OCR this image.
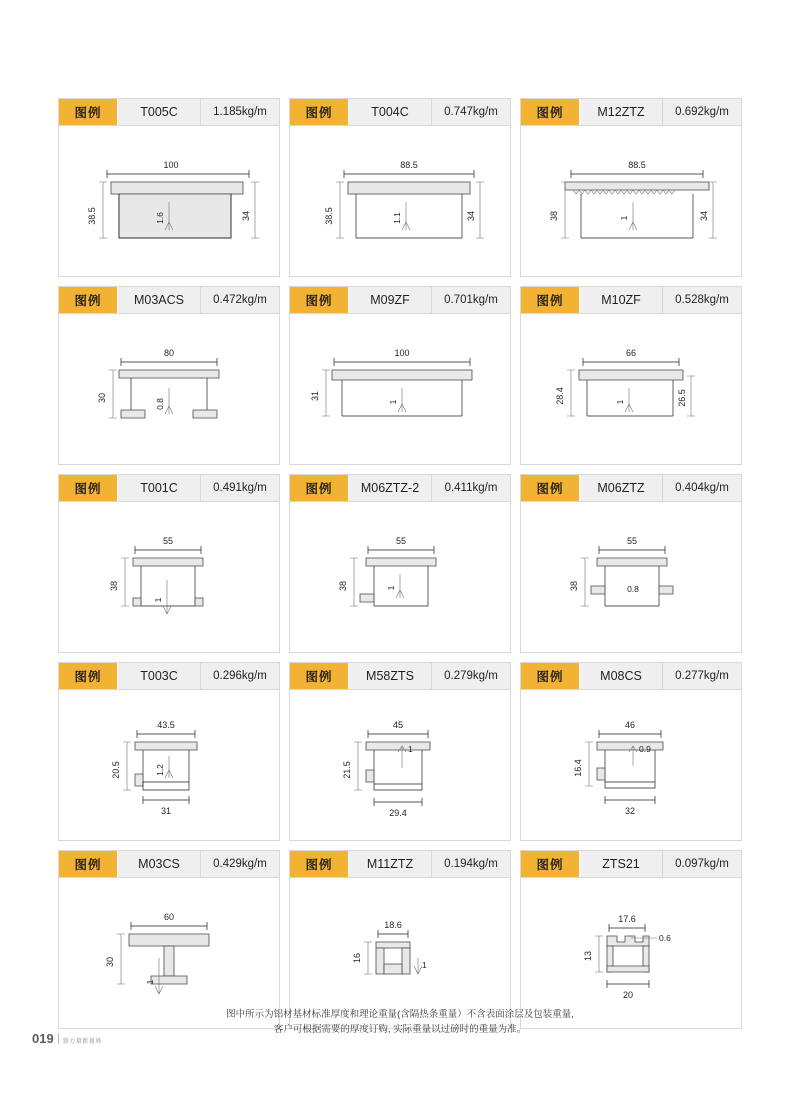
图例	T005C	1.185kg/m
100
38.5	1.6	34
图例	T004C	0.747kg/m
88.5
38.5	1.1	34
图例	M12ZTZ	0.692kg/m
88.5
38	1	34
图例	M03ACS	0.472kg/m
80
30
0.8
图例	M09ZF	0.701kg/m
100
31
1
图例	M10ZF	0.528kg/m
66
28.4	1	26.5
图例	T001C	0.491kg/m
55
38
1
图例	M06ZTZ-2	0.411kg/m
55
38	1
图例	M06ZTZ	0.404kg/m
55
38	0.8
图例	T003C	0.296kg/m
43.5
20.5	1.2
31
图例	M58ZTS	0.279kg/m
45
21.5
1
29.4
图例	M08CS	0.277kg/m
46
16.4
0.9
32
图例	M03CS	0.429kg/m
60
30
1
图例	M11ZTZ	0.194kg/m
18.6
16
1
图例	ZTS21	0.097kg/m
17.6
13
0.6
20
图中所示为铝材基材标准厚度和理论重量(含隔热条重量）不含表面涂层及包装重量,
客户可根据需要的厚度订购, 实际重量以过磅时的重量为准。
019 新力量新视界
